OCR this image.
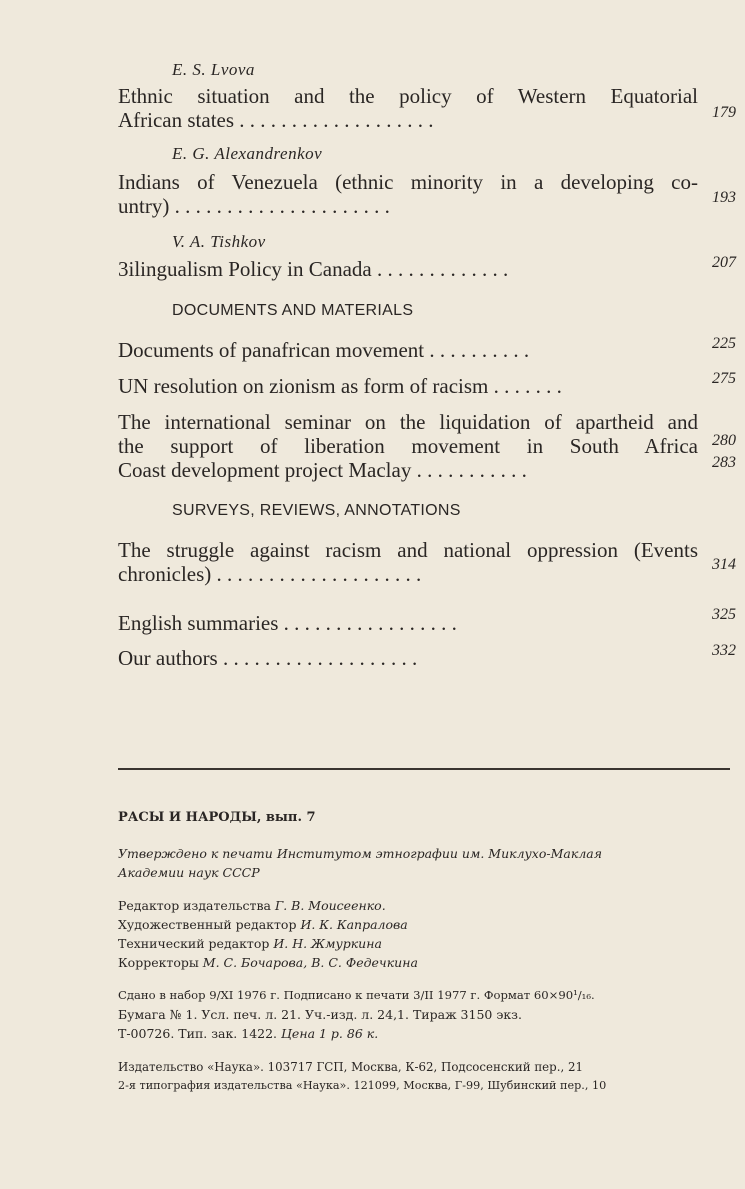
E. S. Lvova
Ethnic situation and the policy of Western Equatorial
African states . . . . . . . . . . . . . . . . . . .	179
E. G. Alexandrenkov
Indians of Venezuela (ethnic minority in a developing co-
untry) . . . . . . . . . . . . . . . . . . . . .	193
V. A. Tishkov
3ilingualism Policy in Canada . . . . . . . . . . . . .	207
DOCUMENTS AND MATERIALS
Documents of panafrican movement . . . . . . . . . .	225
UN resolution on zionism as form of racism . . . . . . .	275
The international seminar on the liquidation of apartheid and
the support of liberation movement in South Africa 280
Coast development project Maclay . . . . . . . . . . .	283
SURVEYS, REVIEWS, ANNOTATIONS
The struggle against racism and national oppression (Events
chronicles) . . . . . . . . . . . . . . . . . . . .	314
English summaries . . . . . . . . . . . . . . . . .	325
Our authors . . . . . . . . . . . . . . . . . . .	332
РАСЫ И НАРОДЫ, вып. 7
Утверждено к печати Институтом этнографии им. Миклухо-Маклая
Академии наук СССР
Редактор издательства Г. В. Моисеенко.
Художественный редактор И. К. Капралова
Технический редактор И. Н. Жмуркина
Корректоры М. С. Бочарова, В. С. Федечкина
Сдано в набор 9/XI 1976 г. Подписано к печати 3/II 1977 г. Формат 60×90¹/₁₆.
Бумага № 1. Усл. печ. л. 21. Уч.-изд. л. 24,1. Тираж 3150 экз.
Т-00726. Тип. зак. 1422. Цена 1 р. 86 к.
Издательство «Наука». 103717 ГСП, Москва, К-62, Подсосенский пер., 21
2-я типография издательства «Наука». 121099, Москва, Г-99, Шубинский пер., 10
